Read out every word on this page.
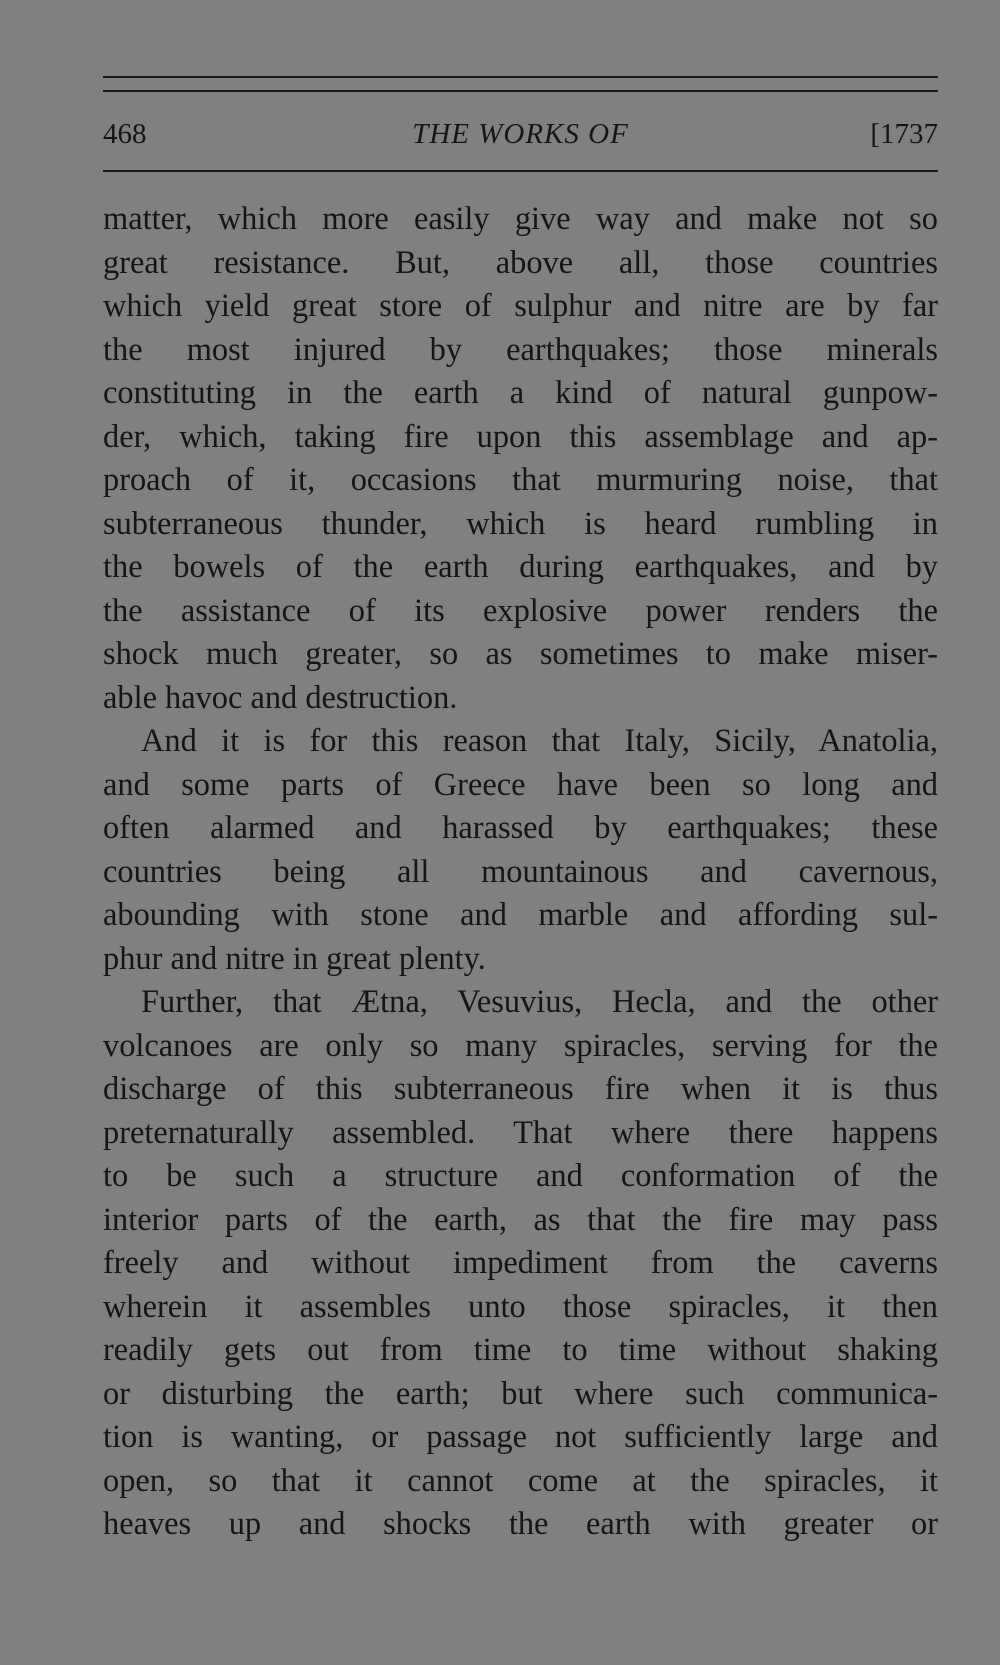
468	THE WORKS OF	[1737
matter, which more easily give way and make not so
great resistance. But, above all, those countries
which yield great store of sulphur and nitre are by far
the most injured by earthquakes; those minerals
constituting in the earth a kind of natural gunpow-
der, which, taking fire upon this assemblage and ap-
proach of it, occasions that murmuring noise, that
subterraneous thunder, which is heard rumbling in
the bowels of the earth during earthquakes, and by
the assistance of its explosive power renders the
shock much greater, so as sometimes to make miser-
able havoc and destruction.
And it is for this reason that Italy, Sicily, Anatolia,
and some parts of Greece have been so long and
often alarmed and harassed by earthquakes; these
countries being all mountainous and cavernous,
abounding with stone and marble and affording sul-
phur and nitre in great plenty.
Further, that Ætna, Vesuvius, Hecla, and the other
volcanoes are only so many spiracles, serving for the
discharge of this subterraneous fire when it is thus
preternaturally assembled. That where there happens
to be such a structure and conformation of the
interior parts of the earth, as that the fire may pass
freely and without impediment from the caverns
wherein it assembles unto those spiracles, it then
readily gets out from time to time without shaking
or disturbing the earth; but where such communica-
tion is wanting, or passage not sufficiently large and
open, so that it cannot come at the spiracles, it
heaves up and shocks the earth with greater or
